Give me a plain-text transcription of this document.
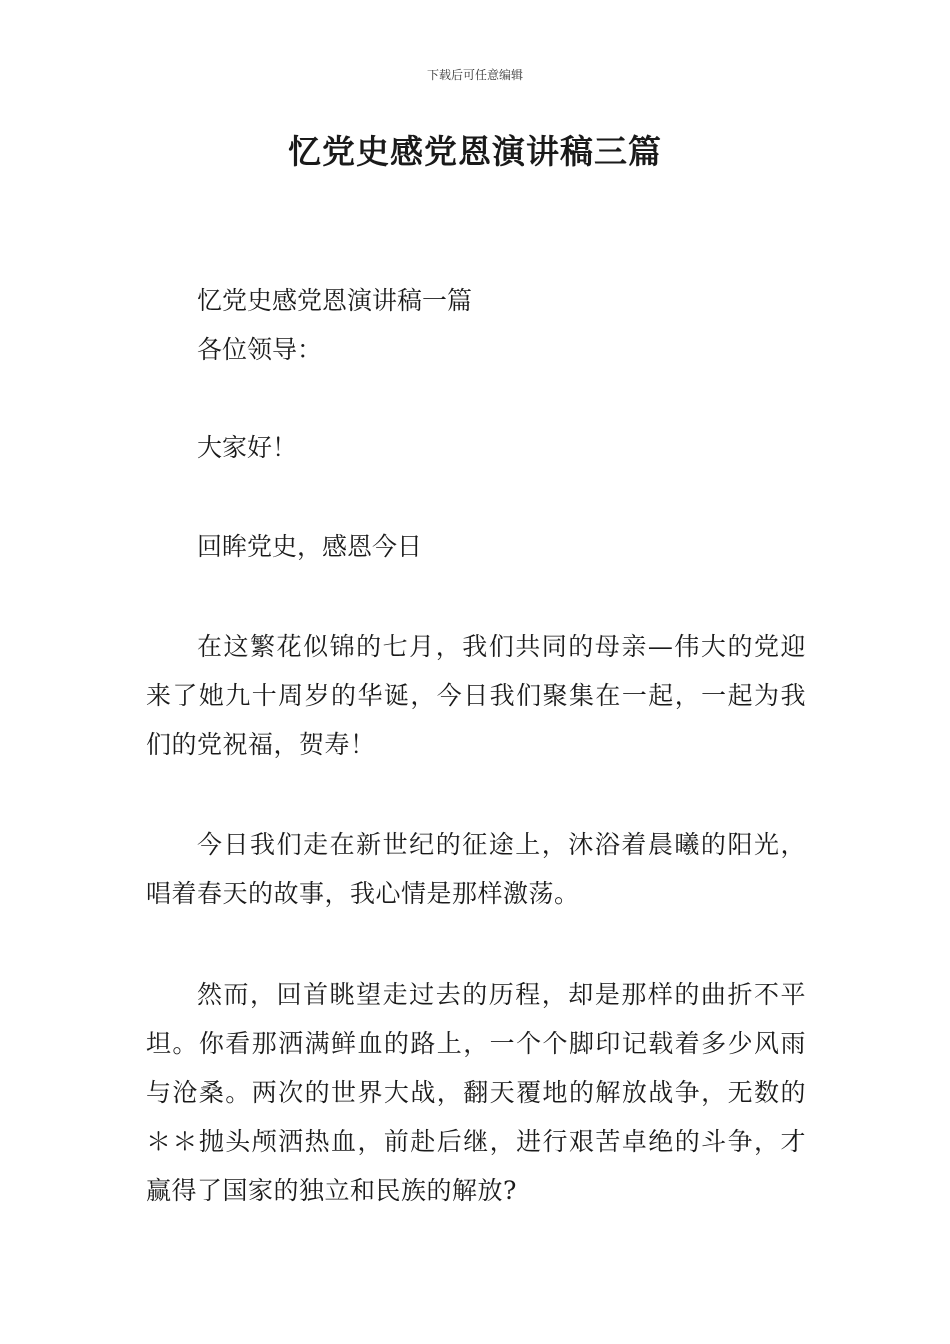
下载后可任意编辑
忆党史感党恩演讲稿三篇
忆党史感党恩演讲稿一篇
各位领导：
大家好！
回眸党史，感恩今日

在这繁花似锦的七月，我们共同的母亲—伟大的党迎来了她九十周岁的华诞，今日我们聚集在一起，一起为我们的党祝福，贺寿！

今日我们走在新世纪的征途上，沐浴着晨曦的阳光，唱着春天的故事，我心情是那样激荡。

然而，回首眺望走过去的历程，却是那样的曲折不平坦。你看那洒满鲜血的路上，一个个脚印记载着多少风雨与沧桑。两次的世界大战，翻天覆地的解放战争，无数的＊＊抛头颅洒热血，前赴后继，进行艰苦卓绝的斗争，才赢得了国家的独立和民族的解放?
